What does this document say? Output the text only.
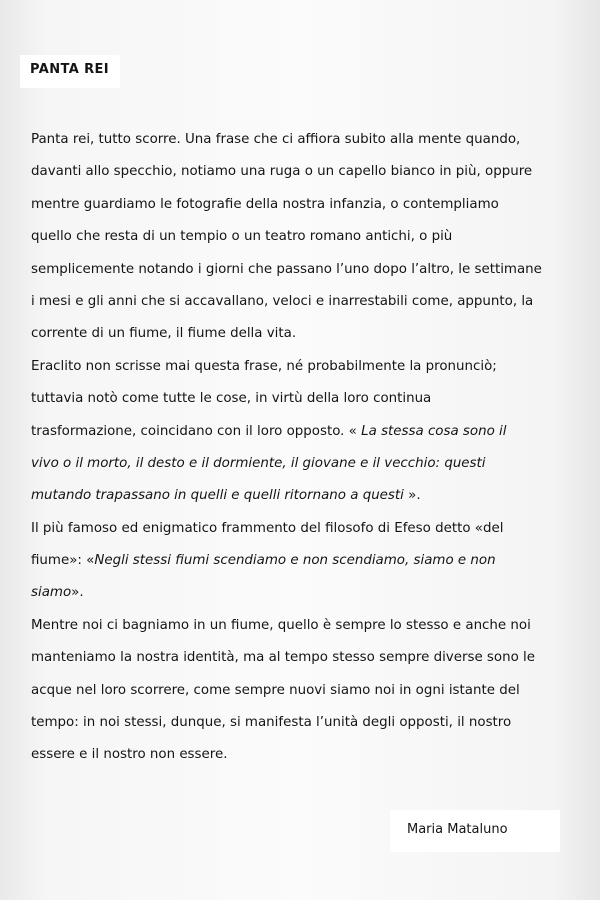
PANTA REI
Panta rei, tutto scorre. Una frase che ci affiora subito alla mente quando,
davanti allo specchio, notiamo una ruga o un capello bianco in più, oppure
mentre guardiamo le fotografie della nostra infanzia, o contempliamo
quello che resta di un tempio o un teatro romano antichi, o più
semplicemente notando i giorni che passano l’uno dopo l’altro, le settimane
i mesi e gli anni che si accavallano, veloci e inarrestabili come, appunto, la
corrente di un fiume, il fiume della vita.
Eraclito non scrisse mai questa frase, né probabilmente la pronunciò;
tuttavia notò come tutte le cose, in virtù della loro continua
trasformazione, coincidano con il loro opposto. « La stessa cosa sono il
vivo o il morto, il desto e il dormiente, il giovane e il vecchio: questi
mutando trapassano in quelli e quelli ritornano a questi ».
Il più famoso ed enigmatico frammento del filosofo di Efeso detto «del
fiume»: «Negli stessi fiumi scendiamo e non scendiamo, siamo e non
siamo».
Mentre noi ci bagniamo in un fiume, quello è sempre lo stesso e anche noi
manteniamo la nostra identità, ma al tempo stesso sempre diverse sono le
acque nel loro scorrere, come sempre nuovi siamo noi in ogni istante del
tempo: in noi stessi, dunque, si manifesta l’unità degli opposti, il nostro
essere e il nostro non essere.
Maria Mataluno
